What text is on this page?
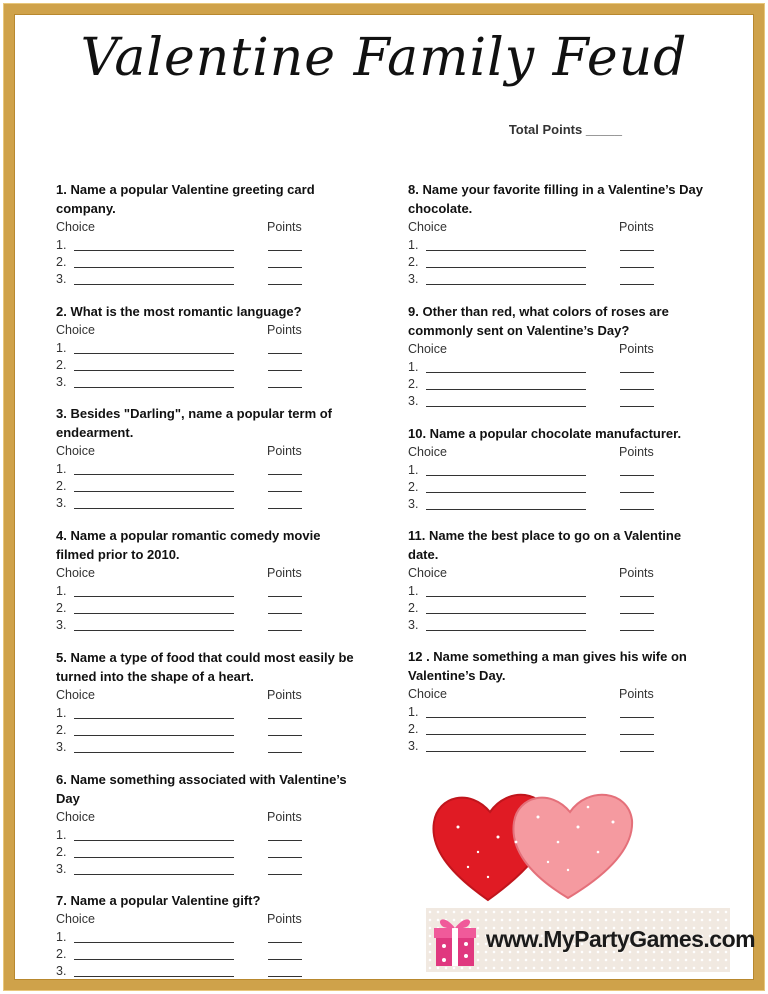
Valentine Family Feud
Total Points _____
1. Name a popular Valentine greeting card company.
Choice	Points
1.
2.
3.
2. What is the most romantic language?
Choice	Points
1.
2.
3.
3. Besides "Darling", name a popular term of endearment.
Choice	Points
1.
2.
3.
4. Name a popular romantic comedy movie filmed prior to 2010.
Choice	Points
1.
2.
3.
5. Name a type of food that could most easily be turned into the shape of a heart.
Choice	Points
1.
2.
3.
6. Name something associated with Valentine’s Day
Choice	Points
1.
2.
3.
7. Name a popular Valentine gift?
Choice	Points
1.
2.
3.
8. Name your favorite filling in a Valentine’s Day chocolate.
Choice	Points
1.
2.
3.
9. Other than red, what colors of roses are commonly sent on Valentine’s Day?
Choice	Points
1.
2.
3.
10. Name a popular chocolate manufacturer.
Choice	Points
1.
2.
3.
11. Name the best place to go on a Valentine date.
Choice	Points
1.
2.
3.
12 . Name something a man gives his wife on Valentine’s Day.
Choice	Points
1.
2.
3.
www.MyPartyGames.com
